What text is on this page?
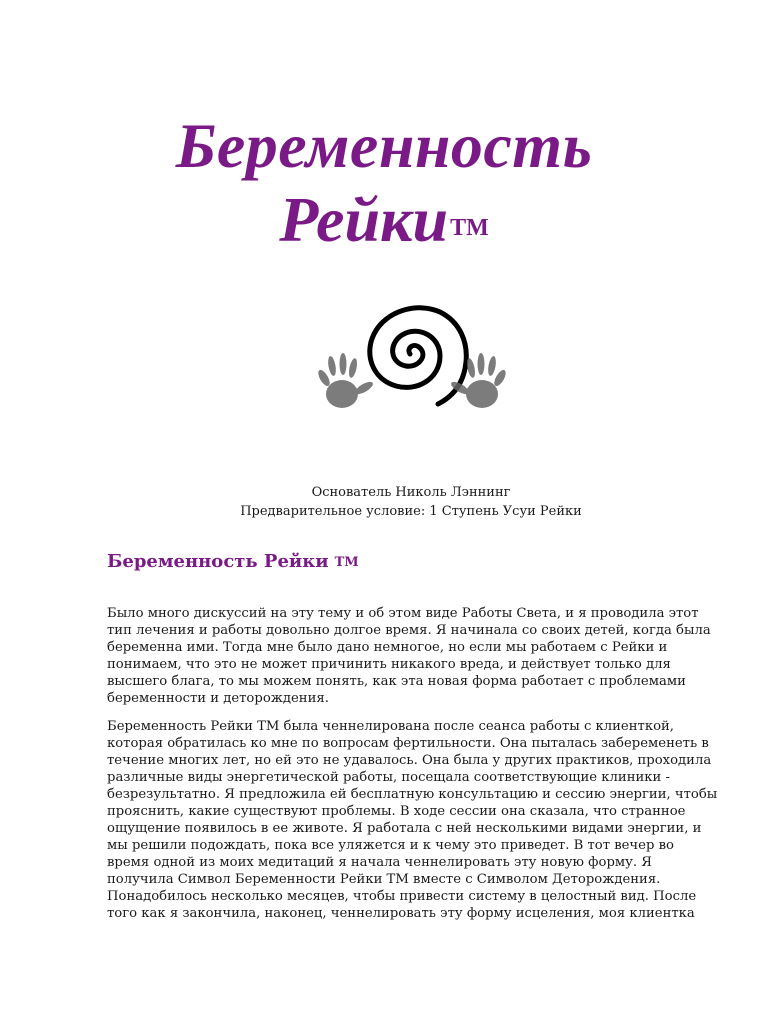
Беременность
РейкиTM
Основатель Николь Лэннинг
Предварительное условие: 1 Ступень Усуи Рейки
Беременность Рейки TM
Было много дискуссий на эту тему и об этом виде Работы Света, и я проводила этот
тип лечения и работы довольно долгое время. Я начинала со своих детей, когда была
беременна ими. Тогда мне было дано немногое, но если мы работаем с Рейки и
понимаем, что это не может причинить никакого вреда, и действует только для
высшего блага, то мы можем понять, как эта новая форма работает с проблемами
беременности и деторождения.
Беременность Рейки ТМ была ченнелирована после сеанса работы с клиенткой,
которая обратилась ко мне по вопросам фертильности. Она пыталась забеременеть в
течение многих лет, но ей это не удавалось. Она была у других практиков, проходила
различные виды энергетической работы, посещала соответствующие клиники -
безрезультатно. Я предложила ей бесплатную консультацию и сессию энергии, чтобы
прояснить, какие существуют проблемы. В ходе сессии она сказала, что странное
ощущение появилось в ее животе. Я работала с ней несколькими видами энергии, и
мы решили подождать, пока все уляжется и к чему это приведет. В тот вечер во
время одной из моих медитаций я начала ченнелировать эту новую форму. Я
получила Символ Беременности Рейки ТМ вместе с Символом Деторождения.
Понадобилось несколько месяцев, чтобы привести систему в целостный вид. После
того как я закончила, наконец, ченнелировать эту форму исцеления, моя клиентка
